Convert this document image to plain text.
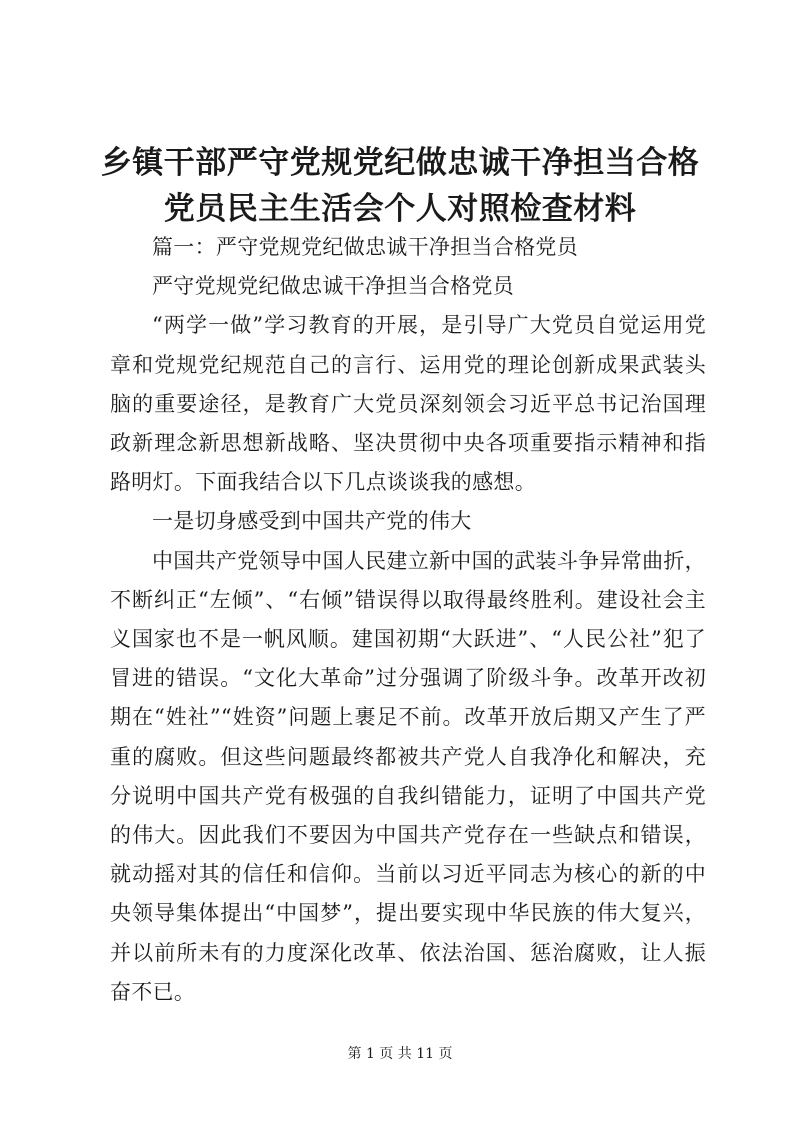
乡镇干部严守党规党纪做忠诚干净担当合格党员民主生活会个人对照检查材料

篇一：严守党规党纪做忠诚干净担当合格党员

严守党规党纪做忠诚干净担当合格党员

“两学一做”学习教育的开展，是引导广大党员自觉运用党章和党规党纪规范自己的言行、运用党的理论创新成果武装头脑的重要途径，是教育广大党员深刻领会习近平总书记治国理政新理念新思想新战略、坚决贯彻中央各项重要指示精神和指路明灯。下面我结合以下几点谈谈我的感想。

一是切身感受到中国共产党的伟大

中国共产党领导中国人民建立新中国的武装斗争异常曲折，不断纠正“左倾”、“右倾”错误得以取得最终胜利。建设社会主义国家也不是一帆风顺。建国初期“大跃进”、“人民公社”犯了冒进的错误。“文化大革命”过分强调了阶级斗争。改革开改初期在“姓社”“姓资”问题上裹足不前。改革开放后期又产生了严重的腐败。但这些问题最终都被共产党人自我净化和解决，充分说明中国共产党有极强的自我纠错能力，证明了中国共产党的伟大。因此我们不要因为中国共产党存在一些缺点和错误，就动摇对其的信任和信仰。当前以习近平同志为核心的新的中央领导集体提出“中国梦”，提出要实现中华民族的伟大复兴，并以前所未有的力度深化改革、依法治国、惩治腐败，让人振奋不已。

第 1 页 共 11 页
